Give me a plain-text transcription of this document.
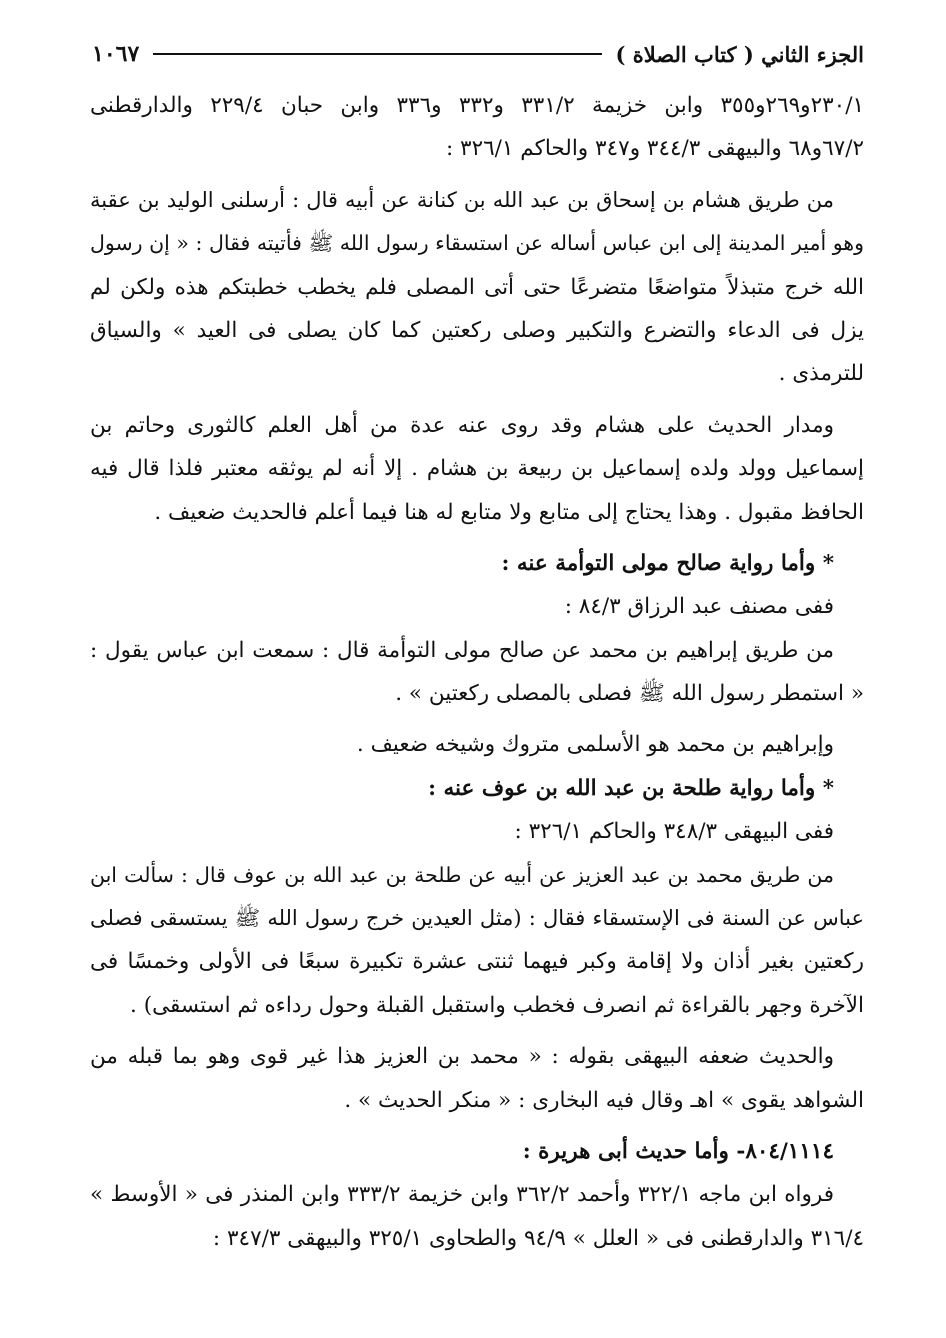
الجزء الثاني ( كتاب الصلاة )
١٠٦٧
٢٣٠/١و٢٦٩و٣٥٥ وابن خزيمة ٣٣١/٢ و٣٣٢ و٣٣٦ وابن حبان ٢٢٩/٤ والدارقطنى
٦٧/٢و٦٨ والبيهقى ٣٤٤/٣ و٣٤٧ والحاكم ٣٢٦/١ :
من طريق هشام بن إسحاق بن عبد الله بن كنانة عن أبيه قال : أرسلنى الوليد بن عقبة
وهو أمير المدينة إلى ابن عباس أساله عن استسقاء رسول الله ﷺ فأتيته فقال : « إن رسول
الله خرج متبذلاً متواضعًا متضرعًا حتى أتى المصلى فلم يخطب خطبتكم هذه ولكن لم
يزل فى الدعاء والتضرع والتكبير وصلى ركعتين كما كان يصلى فى العيد » والسياق
للترمذى .
ومدار الحديث على هشام وقد روى عنه عدة من أهل العلم كالثورى وحاتم بن
إسماعيل وولد ولده إسماعيل بن ربيعة بن هشام . إلا أنه لم يوثقه معتبر فلذا قال فيه
الحافظ مقبول . وهذا يحتاج إلى متابع ولا متابع له هنا فيما أعلم فالحديث ضعيف .
* وأما رواية صالح مولى التوأمة عنه :
ففى مصنف عبد الرزاق ٨٤/٣ :
من طريق إبراهيم بن محمد عن صالح مولى التوأمة قال : سمعت ابن عباس يقول :
« استمطر رسول الله ﷺ فصلى بالمصلى ركعتين » .
وإبراهيم بن محمد هو الأسلمى متروك وشيخه ضعيف .
* وأما رواية طلحة بن عبد الله بن عوف عنه :
ففى البيهقى ٣٤٨/٣ والحاكم ٣٢٦/١ :
من طريق محمد بن عبد العزيز عن أبيه عن طلحة بن عبد الله بن عوف قال : سألت ابن
عباس عن السنة فى الإستسقاء فقال : (مثل العيدين خرج رسول الله ﷺ يستسقى فصلى
ركعتين بغير أذان ولا إقامة وكبر فيهما ثنتى عشرة تكبيرة سبعًا فى الأولى وخمسًا فى
الآخرة وجهر بالقراءة ثم انصرف فخطب واستقبل القبلة وحول رداءه ثم استسقى) .
والحديث ضعفه البيهقى بقوله : « محمد بن العزيز هذا غير قوى وهو بما قبله من
الشواهد يقوى » اهـ وقال فيه البخارى : « منكر الحديث » .
٨٠٤/١١١٤- وأما حديث أبى هريرة :
فرواه ابن ماجه ٣٢٢/١ وأحمد ٣٦٢/٢ وابن خزيمة ٣٣٣/٢ وابن المنذر فى « الأوسط »
٣١٦/٤ والدارقطنى فى « العلل » ٩٤/٩ والطحاوى ٣٢٥/١ والبيهقى ٣٤٧/٣ :
